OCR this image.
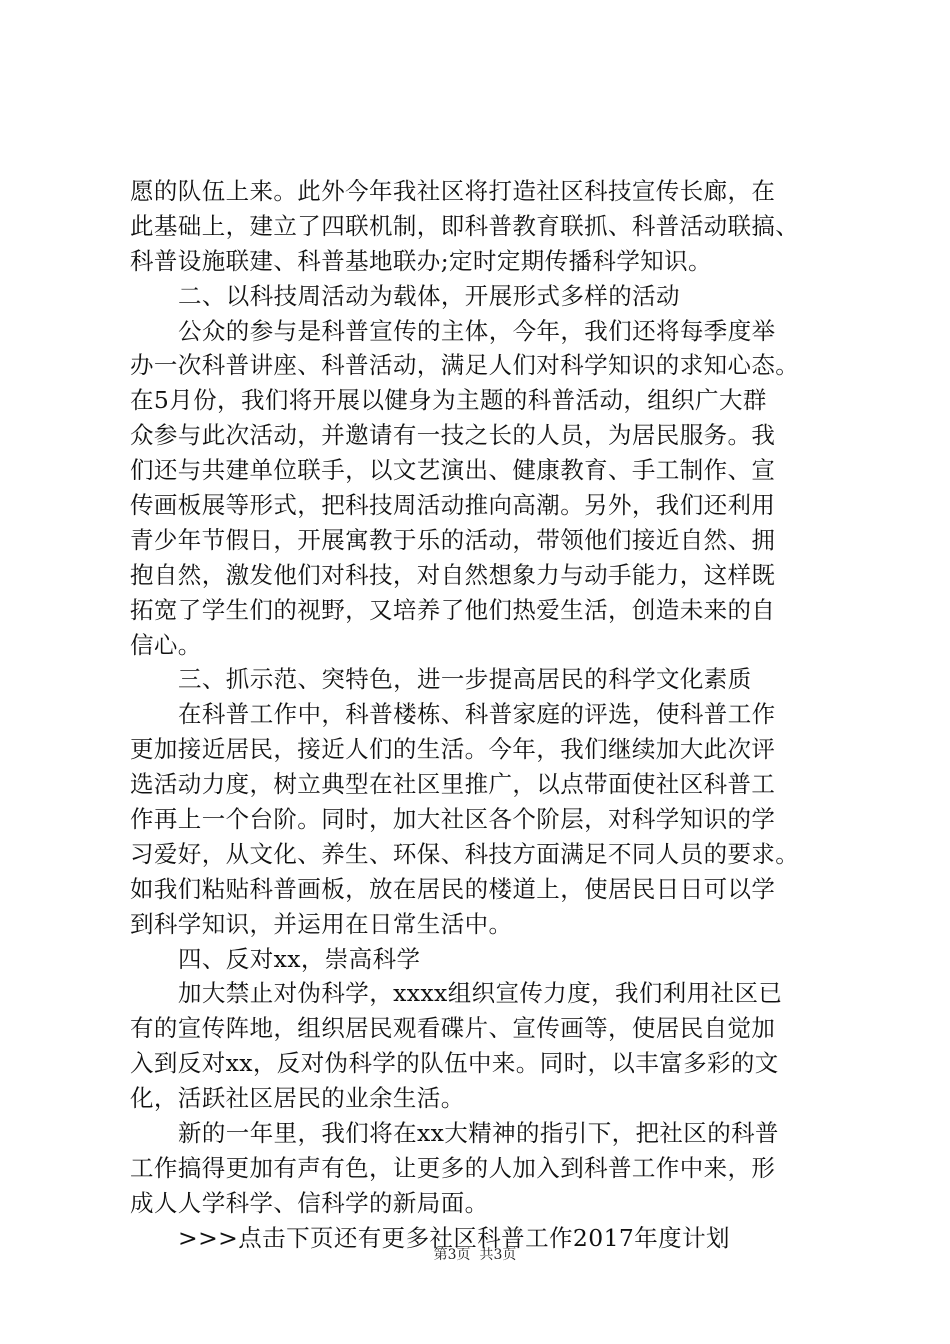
愿的队伍上来。此外今年我社区将打造社区科技宣传长廊，在
此基础上，建立了四联机制，即科普教育联抓、科普活动联搞、
科普设施联建、科普基地联办;定时定期传播科学知识。
二、以科技周活动为载体，开展形式多样的活动
公众的参与是科普宣传的主体，今年，我们还将每季度举
办一次科普讲座、科普活动，满足人们对科学知识的求知心态。
在5月份，我们将开展以健身为主题的科普活动，组织广大群
众参与此次活动，并邀请有一技之长的人员，为居民服务。我
们还与共建单位联手，以文艺演出、健康教育、手工制作、宣
传画板展等形式，把科技周活动推向高潮。另外，我们还利用
青少年节假日，开展寓教于乐的活动，带领他们接近自然、拥
抱自然，激发他们对科技，对自然想象力与动手能力，这样既
拓宽了学生们的视野，又培养了他们热爱生活，创造未来的自
信心。
三、抓示范、突特色，进一步提高居民的科学文化素质
在科普工作中，科普楼栋、科普家庭的评选，使科普工作
更加接近居民，接近人们的生活。今年，我们继续加大此次评
选活动力度，树立典型在社区里推广，以点带面使社区科普工
作再上一个台阶。同时，加大社区各个阶层，对科学知识的学
习爱好，从文化、养生、环保、科技方面满足不同人员的要求。
如我们粘贴科普画板，放在居民的楼道上，使居民日日可以学
到科学知识，并运用在日常生活中。
四、反对xx，崇高科学
加大禁止对伪科学，xxxx组织宣传力度，我们利用社区已
有的宣传阵地，组织居民观看碟片、宣传画等，使居民自觉加
入到反对xx，反对伪科学的队伍中来。同时，以丰富多彩的文
化，活跃社区居民的业余生活。
新的一年里，我们将在xx大精神的指引下，把社区的科普
工作搞得更加有声有色，让更多的人加入到科普工作中来，形
成人人学科学、信科学的新局面。
>>>点击下页还有更多社区科普工作2017年度计划
第3页  共3页
